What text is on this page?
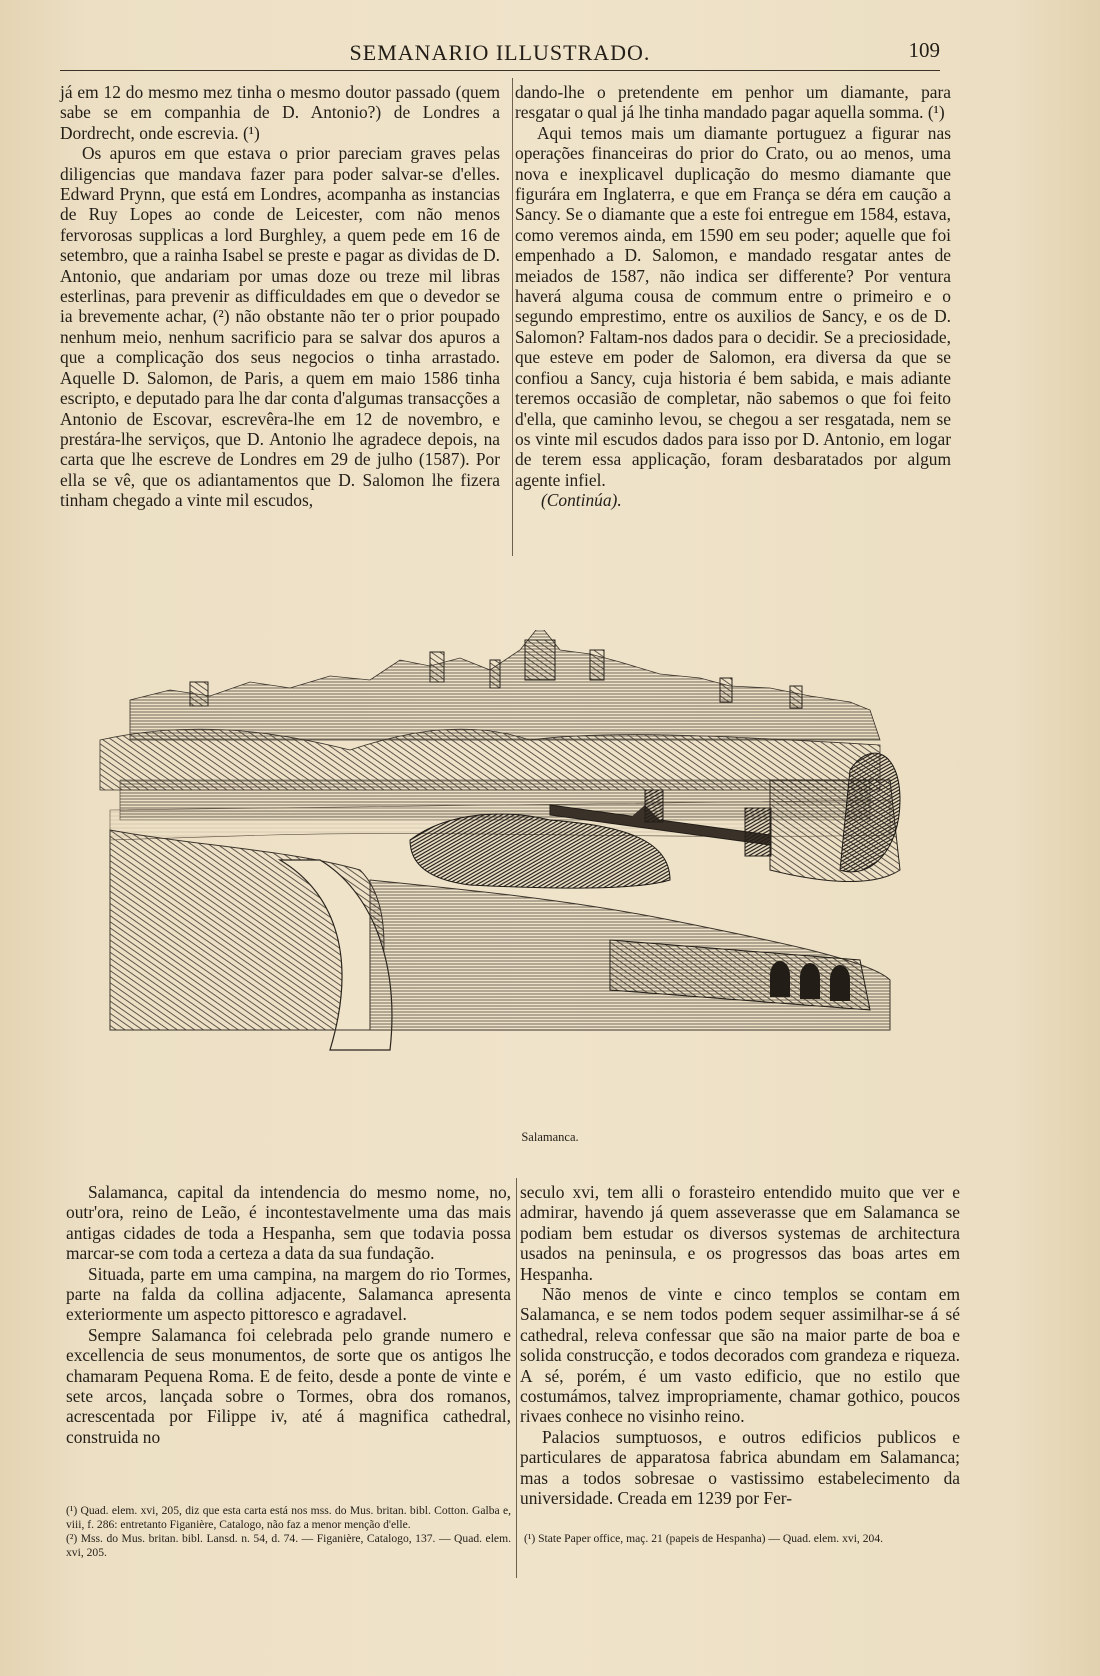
SEMANARIO ILLUSTRADO.	109

já em 12 do mesmo mez tinha o mesmo doutor passado (quem sabe se em companhia de D. Antonio?) de Londres a Dordrecht, onde escrevia. (¹)

Os apuros em que estava o prior pareciam graves pelas diligencias que mandava fazer para poder salvar-se d'elles. Edward Prynn, que está em Londres, acompanha as instancias de Ruy Lopes ao conde de Leicester, com não menos fervorosas supplicas a lord Burghley, a quem pede em 16 de setembro, que a rainha Isabel se preste e pagar as dividas de D. Antonio, que andariam por umas doze ou treze mil libras esterlinas, para prevenir as difficuldades em que o devedor se ia brevemente achar, (²) não obstante não ter o prior poupado nenhum meio, nenhum sacrificio para se salvar dos apuros a que a complicação dos seus negocios o tinha arrastado. Aquelle D. Salomon, de Paris, a quem em maio 1586 tinha escripto, e deputado para lhe dar conta d'algumas transacções a Antonio de Escovar, escrevêra-lhe em 12 de novembro, e prestára-lhe serviços, que D. Antonio lhe agradece depois, na carta que lhe escreve de Londres em 29 de julho (1587). Por ella se vê, que os adiantamentos que D. Salomon lhe fizera tinham chegado a vinte mil escudos,

dando-lhe o pretendente em penhor um diamante, para resgatar o qual já lhe tinha mandado pagar aquella somma. (¹)

Aqui temos mais um diamante portuguez a figurar nas operações financeiras do prior do Crato, ou ao menos, uma nova e inexplicavel duplicação do mesmo diamante que figurára em Inglaterra, e que em França se déra em caução a Sancy. Se o diamante que a este foi entregue em 1584, estava, como veremos ainda, em 1590 em seu poder; aquelle que foi empenhado a D. Salomon, e mandado resgatar antes de meiados de 1587, não indica ser differente? Por ventura haverá alguma cousa de commum entre o primeiro e o segundo emprestimo, entre os auxilios de Sancy, e os de D. Salomon? Faltam-nos dados para o decidir. Se a preciosidade, que esteve em poder de Salomon, era diversa da que se confiou a Sancy, cuja historia é bem sabida, e mais adiante teremos occasião de completar, não sabemos o que foi feito d'ella, que caminho levou, se chegou a ser resgatada, nem se os vinte mil escudos dados para isso por D. Antonio, em logar de terem essa applicação, foram desbaratados por algum agente infiel.

(Continúa).

Salamanca.

Salamanca, capital da intendencia do mesmo nome, no, outr'ora, reino de Leão, é incontestavelmente uma das mais antigas cidades de toda a Hespanha, sem que todavia possa marcar-se com toda a certeza a data da sua fundação.

Situada, parte em uma campina, na margem do rio Tormes, parte na falda da collina adjacente, Salamanca apresenta exteriormente um aspecto pittoresco e agradavel.

Sempre Salamanca foi celebrada pelo grande numero e excellencia de seus monumentos, de sorte que os antigos lhe chamaram Pequena Roma. E de feito, desde a ponte de vinte e sete arcos, lançada sobre o Tormes, obra dos romanos, acrescentada por Filippe iv, até á magnifica cathedral, construida no

seculo xvi, tem alli o forasteiro entendido muito que ver e admirar, havendo já quem asseverasse que em Salamanca se podiam bem estudar os diversos systemas de architectura usados na peninsula, e os progressos das boas artes em Hespanha.

Não menos de vinte e cinco templos se contam em Salamanca, e se nem todos podem sequer assimilhar-se á sé cathedral, releva confessar que são na maior parte de boa e solida construcção, e todos decorados com grandeza e riqueza. A sé, porém, é um vasto edificio, que no estilo que costumámos, talvez impropriamente, chamar gothico, poucos rivaes conhece no visinho reino.

Palacios sumptuosos, e outros edificios publicos e particulares de apparatosa fabrica abundam em Salamanca; mas a todos sobresae o vastissimo estabelecimento da universidade. Creada em 1239 por Fer-

(¹) Quad. elem. xvi, 205, diz que esta carta está nos mss. do Mus. britan. bibl. Cotton. Galba e, viii, f. 286: entretanto Figanière, Catalogo, não faz a menor menção d'elle.

(²) Mss. do Mus. britan. bibl. Lansd. n. 54, d. 74. — Figanière, Catalogo, 137. — Quad. elem. xvi, 205.

(¹) State Paper office, maç. 21 (papeis de Hespanha) — Quad. elem. xvi, 204.
